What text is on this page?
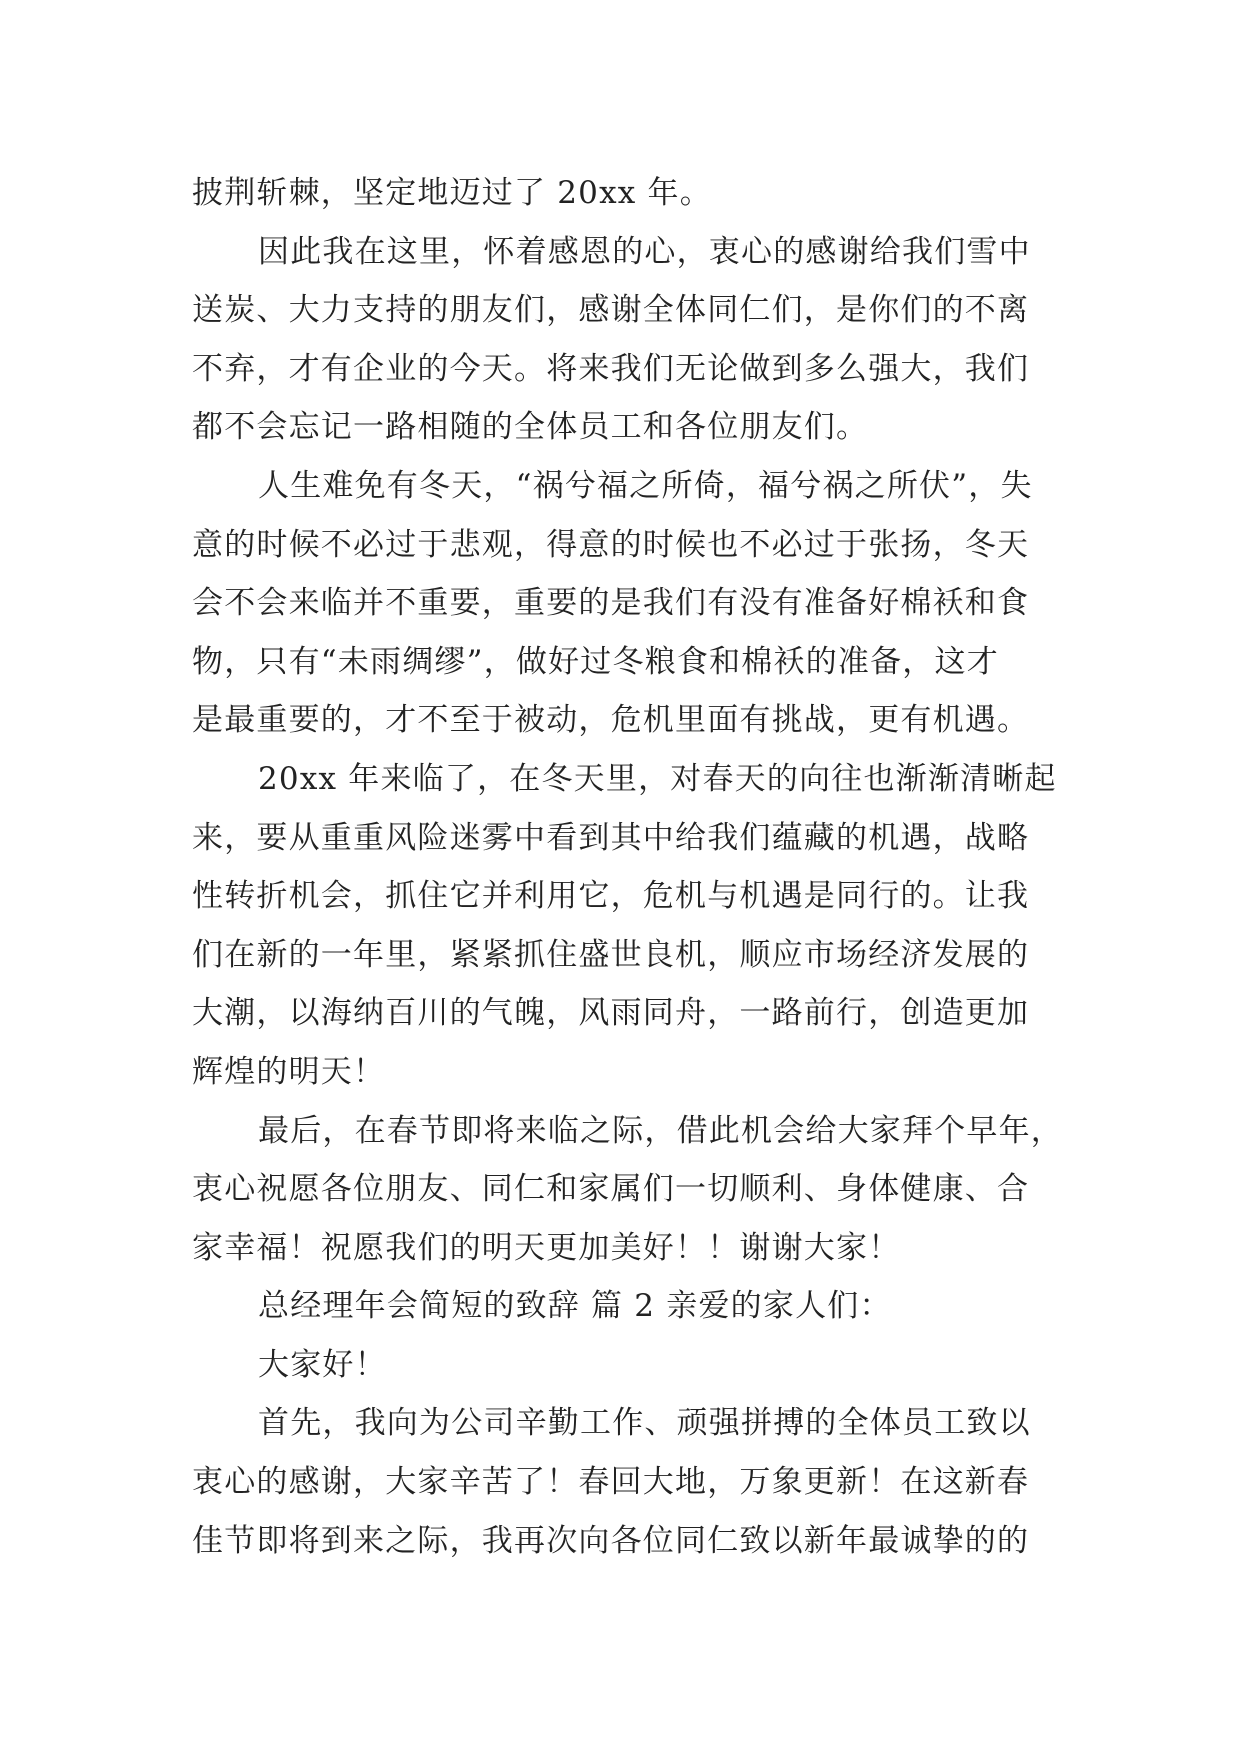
披荆斩棘，坚定地迈过了 20xx 年。
因此我在这里，怀着感恩的心，衷心的感谢给我们雪中
送炭、大力支持的朋友们，感谢全体同仁们，是你们的不离
不弃，才有企业的今天。将来我们无论做到多么强大，我们
都不会忘记一路相随的全体员工和各位朋友们。
人生难免有冬天，“祸兮福之所倚，福兮祸之所伏”，失
意的时候不必过于悲观，得意的时候也不必过于张扬，冬天
会不会来临并不重要，重要的是我们有没有准备好棉袄和食
物，只有“未雨绸缪”，做好过冬粮食和棉袄的准备，这才
是最重要的，才不至于被动，危机里面有挑战，更有机遇。
20xx 年来临了，在冬天里，对春天的向往也渐渐清晰起
来，要从重重风险迷雾中看到其中给我们蕴藏的机遇，战略
性转折机会，抓住它并利用它，危机与机遇是同行的。让我
们在新的一年里，紧紧抓住盛世良机，顺应市场经济发展的
大潮，以海纳百川的气魄，风雨同舟，一路前行，创造更加
辉煌的明天！
最后，在春节即将来临之际，借此机会给大家拜个早年，
衷心祝愿各位朋友、同仁和家属们一切顺利、身体健康、合
家幸福！祝愿我们的明天更加美好！！谢谢大家！
总经理年会简短的致辞 篇 2 亲爱的家人们：
大家好！
首先，我向为公司辛勤工作、顽强拼搏的全体员工致以
衷心的感谢，大家辛苦了！春回大地，万象更新！在这新春
佳节即将到来之际，我再次向各位同仁致以新年最诚挚的的
